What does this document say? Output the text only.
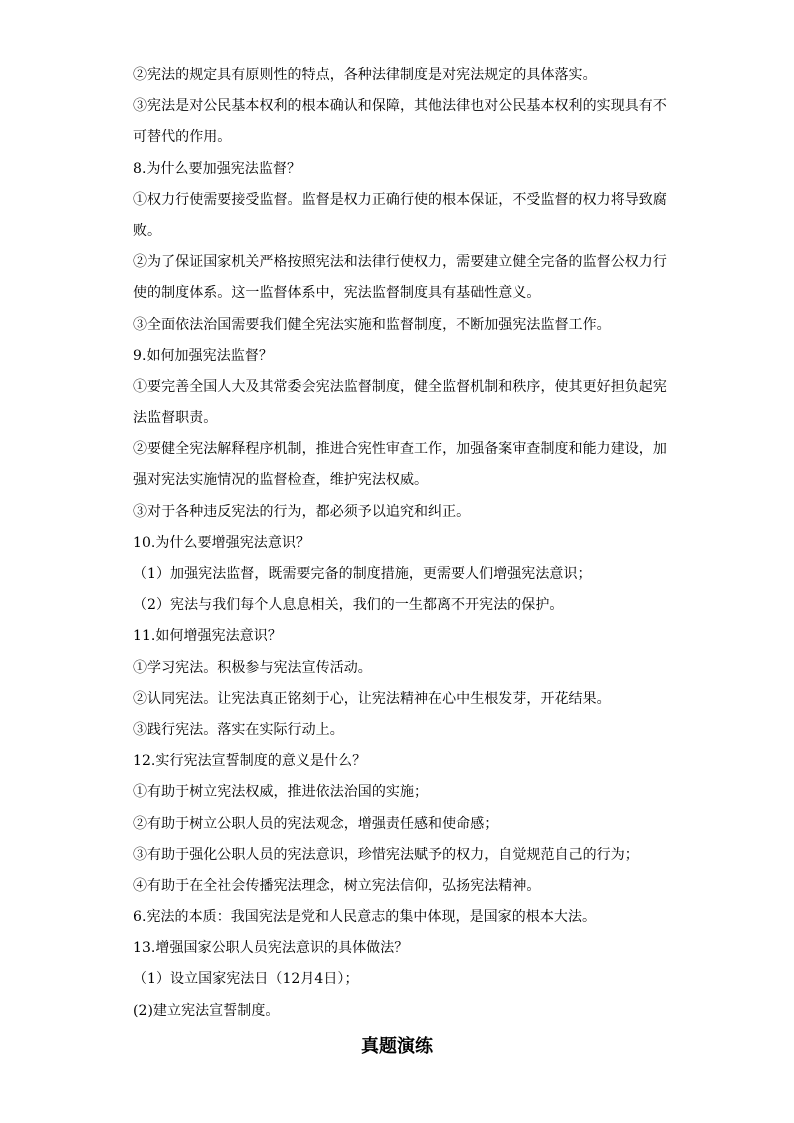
②宪法的规定具有原则性的特点，各种法律制度是对宪法规定的具体落实。
③宪法是对公民基本权利的根本确认和保障，其他法律也对公民基本权利的实现具有不
可替代的作用。
8.为什么要加强宪法监督？
①权力行使需要接受监督。监督是权力正确行使的根本保证，不受监督的权力将导致腐
败。
②为了保证国家机关严格按照宪法和法律行使权力，需要建立健全完备的监督公权力行
使的制度体系。这一监督体系中，宪法监督制度具有基础性意义。
③全面依法治国需要我们健全宪法实施和监督制度，不断加强宪法监督工作。
9.如何加强宪法监督？
①要完善全国人大及其常委会宪法监督制度，健全监督机制和秩序，使其更好担负起宪
法监督职责。
②要健全宪法解释程序机制，推进合宪性审查工作，加强备案审查制度和能力建设，加
强对宪法实施情况的监督检查，维护宪法权威。
③对于各种违反宪法的行为，都必须予以追究和纠正。
10.为什么要增强宪法意识？
（1）加强宪法监督，既需要完备的制度措施，更需要人们增强宪法意识；
（2）宪法与我们每个人息息相关，我们的一生都离不开宪法的保护。
11.如何增强宪法意识？
①学习宪法。积极参与宪法宣传活动。
②认同宪法。让宪法真正铭刻于心，让宪法精神在心中生根发芽，开花结果。
③践行宪法。落实在实际行动上。
12.实行宪法宣誓制度的意义是什么？
①有助于树立宪法权威，推进依法治国的实施；
②有助于树立公职人员的宪法观念，增强责任感和使命感；
③有助于强化公职人员的宪法意识，珍惜宪法赋予的权力，自觉规范自己的行为；
④有助于在全社会传播宪法理念，树立宪法信仰，弘扬宪法精神。
6.宪法的本质：我国宪法是党和人民意志的集中体现，是国家的根本大法。
13.增强国家公职人员宪法意识的具体做法？
（1）设立国家宪法日（12月4日）；
(2)建立宪法宣誓制度。
真题演练
